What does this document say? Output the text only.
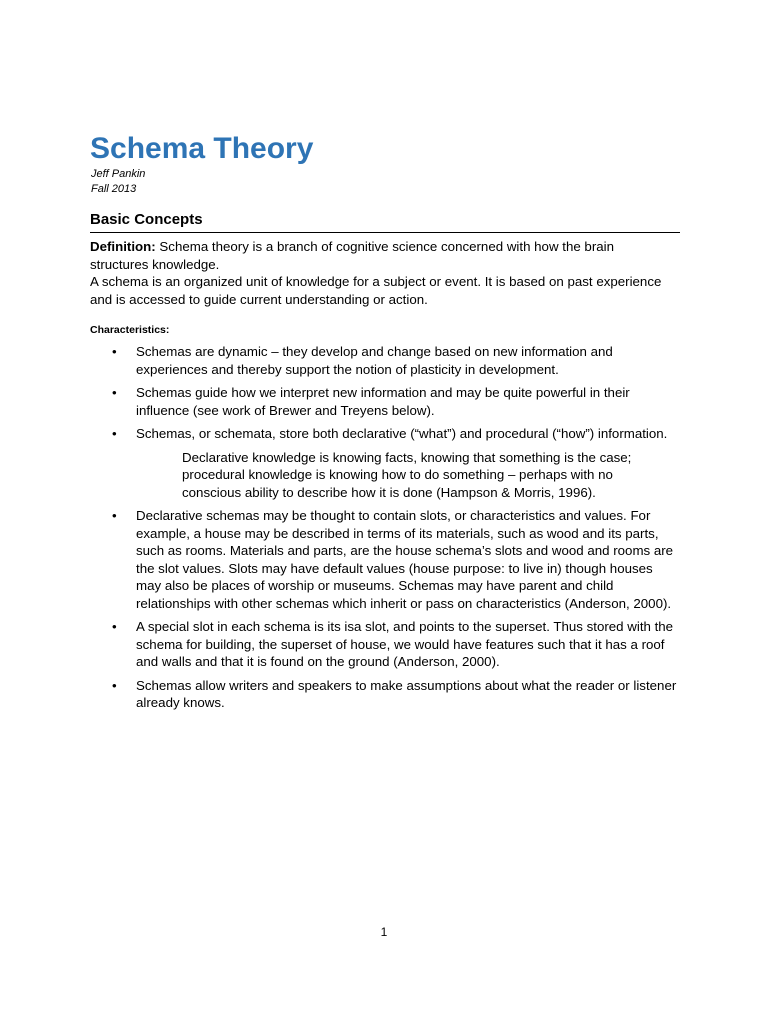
Schema Theory

Jeff Pankin

Fall 2013

Basic Concepts

Definition: Schema theory is a branch of cognitive science concerned with how the brain structures knowledge.

A schema is an organized unit of knowledge for a subject or event. It is based on past experience and is accessed to guide current understanding or action.

Characteristics:

• Schemas are dynamic – they develop and change based on new information and experiences and thereby support the notion of plasticity in development.
• Schemas guide how we interpret new information and may be quite powerful in their influence (see work of Brewer and Treyens below).
• Schemas, or schemata, store both declarative (“what”) and procedural (“how”) information.
Declarative knowledge is knowing facts, knowing that something is the case; procedural knowledge is knowing how to do something – perhaps with no conscious ability to describe how it is done (Hampson & Morris, 1996).
• Declarative schemas may be thought to contain slots, or characteristics and values. For example, a house may be described in terms of its materials, such as wood and its parts, such as rooms. Materials and parts, are the house schema’s slots and wood and rooms are the slot values. Slots may have default values (house purpose: to live in) though houses may also be places of worship or museums. Schemas may have parent and child relationships with other schemas which inherit or pass on characteristics (Anderson, 2000).
• A special slot in each schema is its isa slot, and points to the superset. Thus stored with the schema for building, the superset of house, we would have features such that it has a roof and walls and that it is found on the ground (Anderson, 2000).
• Schemas allow writers and speakers to make assumptions about what the reader or listener already knows.
1
